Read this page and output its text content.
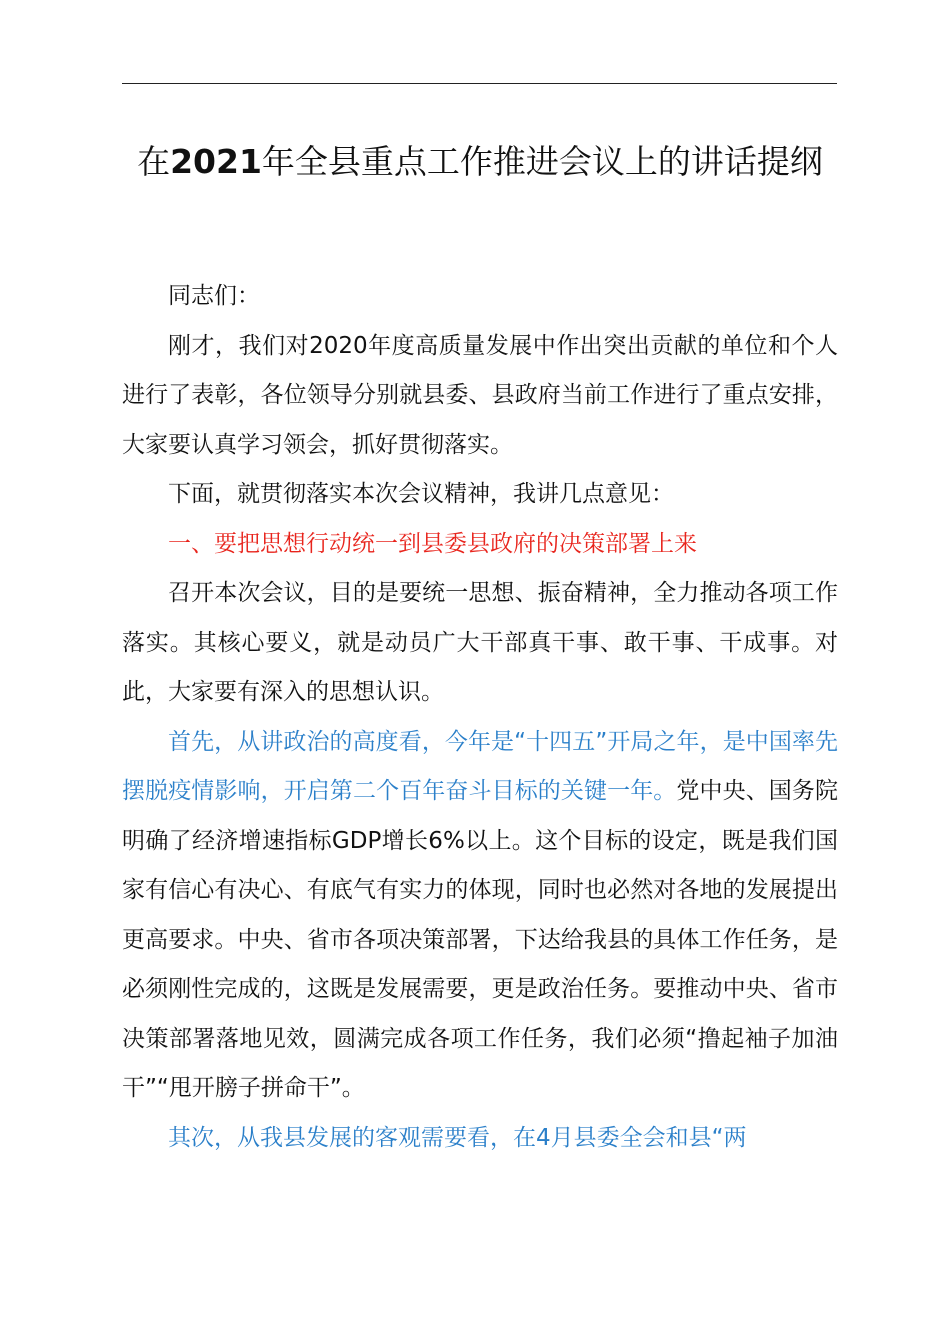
在2021年全县重点工作推进会议上的讲话提纲

同志们：

刚才，我们对2020年度高质量发展中作出突出贡献的单位和个人进行了表彰，各位领导分别就县委、县政府当前工作进行了重点安排，大家要认真学习领会，抓好贯彻落实。

下面，就贯彻落实本次会议精神，我讲几点意见：

一、要把思想行动统一到县委县政府的决策部署上来

召开本次会议，目的是要统一思想、振奋精神，全力推动各项工作落实。其核心要义，就是动员广大干部真干事、敢干事、干成事。对此，大家要有深入的思想认识。

首先，从讲政治的高度看，今年是“十四五”开局之年，是中国率先摆脱疫情影响，开启第二个百年奋斗目标的关键一年。党中央、国务院明确了经济增速指标GDP增长6%以上。这个目标的设定，既是我们国家有信心有决心、有底气有实力的体现，同时也必然对各地的发展提出更高要求。中央、省市各项决策部署，下达给我县的具体工作任务，是必须刚性完成的，这既是发展需要，更是政治任务。要推动中央、省市决策部署落地见效，圆满完成各项工作任务，我们必须“撸起袖子加油干”“甩开膀子拼命干”。

其次，从我县发展的客观需要看，在4月县委全会和县“两
